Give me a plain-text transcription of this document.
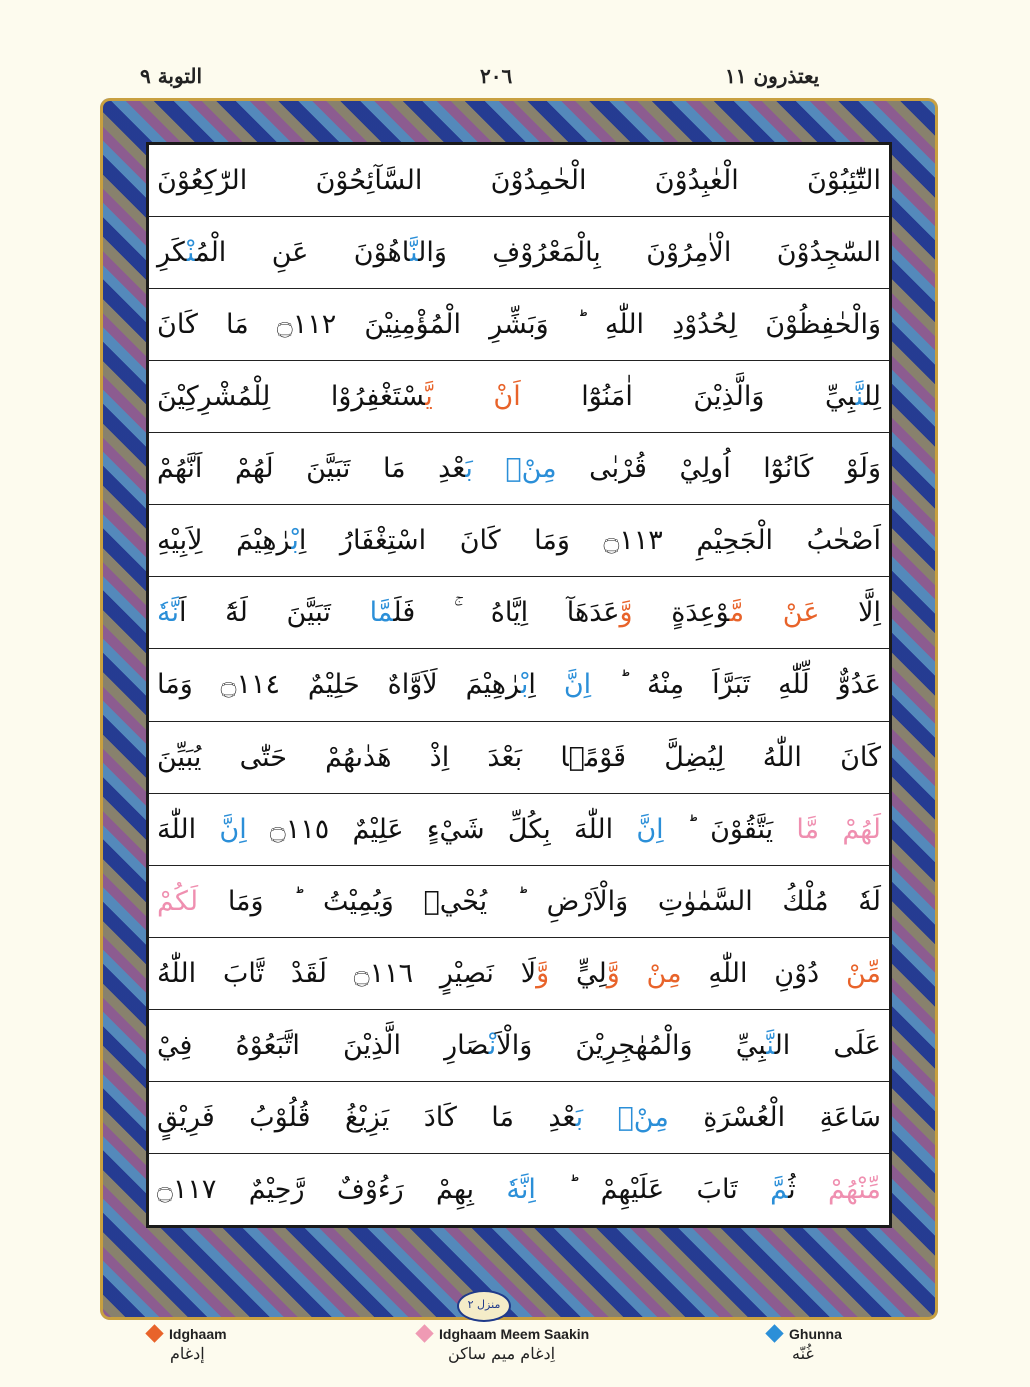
يعتذرون ١١
٢٠٦
التوبة ٩
التّٰٓئِبُوْنَ الْعٰبِدُوْنَ الْحٰمِدُوْنَ السَّآئِحُوْنَ الرّٰكِعُوْنَ
السّٰجِدُوْنَ الْاٰمِرُوْنَ بِالْمَعْرُوْفِ وَالنَّاهُوْنَ عَنِ الْمُنْكَرِ
وَالْحٰفِظُوْنَ لِحُدُوْدِ اللّٰهِ ؕ وَبَشِّرِ الْمُؤْمِنِيْنَ ۝١١٢ مَا كَانَ
لِلنَّبِيِّ وَالَّذِيْنَ اٰمَنُوْٓا اَنْ يَّسْتَغْفِرُوْا لِلْمُشْرِكِيْنَ
وَلَوْ كَانُوْٓا اُولِيْ قُرْبٰى مِنْۢ بَعْدِ مَا تَبَيَّنَ لَهُمْ اَنَّهُمْ
اَصْحٰبُ الْجَحِيْمِ ۝١١٣ وَمَا كَانَ اسْتِغْفَارُ اِبْرٰهِيْمَ لِاَبِيْهِ
اِلَّا عَنْ مَّوْعِدَةٍ وَّعَدَهَآ اِيَّاهُ ۚ فَلَمَّا تَبَيَّنَ لَهٗٓ اَنَّهٗ
عَدُوٌّ لِّلّٰهِ تَبَرَّاَ مِنْهُ ؕ اِنَّ اِبْرٰهِيْمَ لَاَوَّاهٌ حَلِيْمٌ ۝١١٤ وَمَا
كَانَ اللّٰهُ لِيُضِلَّ قَوْمًۢا بَعْدَ اِذْ هَدٰىهُمْ حَتّٰى يُبَيِّنَ
لَهُمْ مَّا يَتَّقُوْنَ ؕ اِنَّ اللّٰهَ بِكُلِّ شَيْءٍ عَلِيْمٌ ۝١١٥ اِنَّ اللّٰهَ
لَهٗ مُلْكُ السَّمٰوٰتِ وَالْاَرْضِ ؕ يُحْيٖ وَيُمِيْتُ ؕ وَمَا لَكُمْ
مِّنْ دُوْنِ اللّٰهِ مِنْ وَّلِيٍّ وَّلَا نَصِيْرٍ ۝١١٦ لَقَدْ تَّابَ اللّٰهُ
عَلَى النَّبِيِّ وَالْمُهٰجِرِيْنَ وَالْاَنْصَارِ الَّذِيْنَ اتَّبَعُوْهُ فِيْ
سَاعَةِ الْعُسْرَةِ مِنْۢ بَعْدِ مَا كَادَ يَزِيْغُ قُلُوْبُ فَرِيْقٍ
مِّنْهُمْ ثُمَّ تَابَ عَلَيْهِمْ ؕ اِنَّهٗ بِهِمْ رَءُوْفٌ رَّحِيْمٌ ۝١١٧
منزل ٢
Idghaam
إدغام
Idghaam Meem Saakin
اِدغام میم ساکن
Ghunna
غُنّه
